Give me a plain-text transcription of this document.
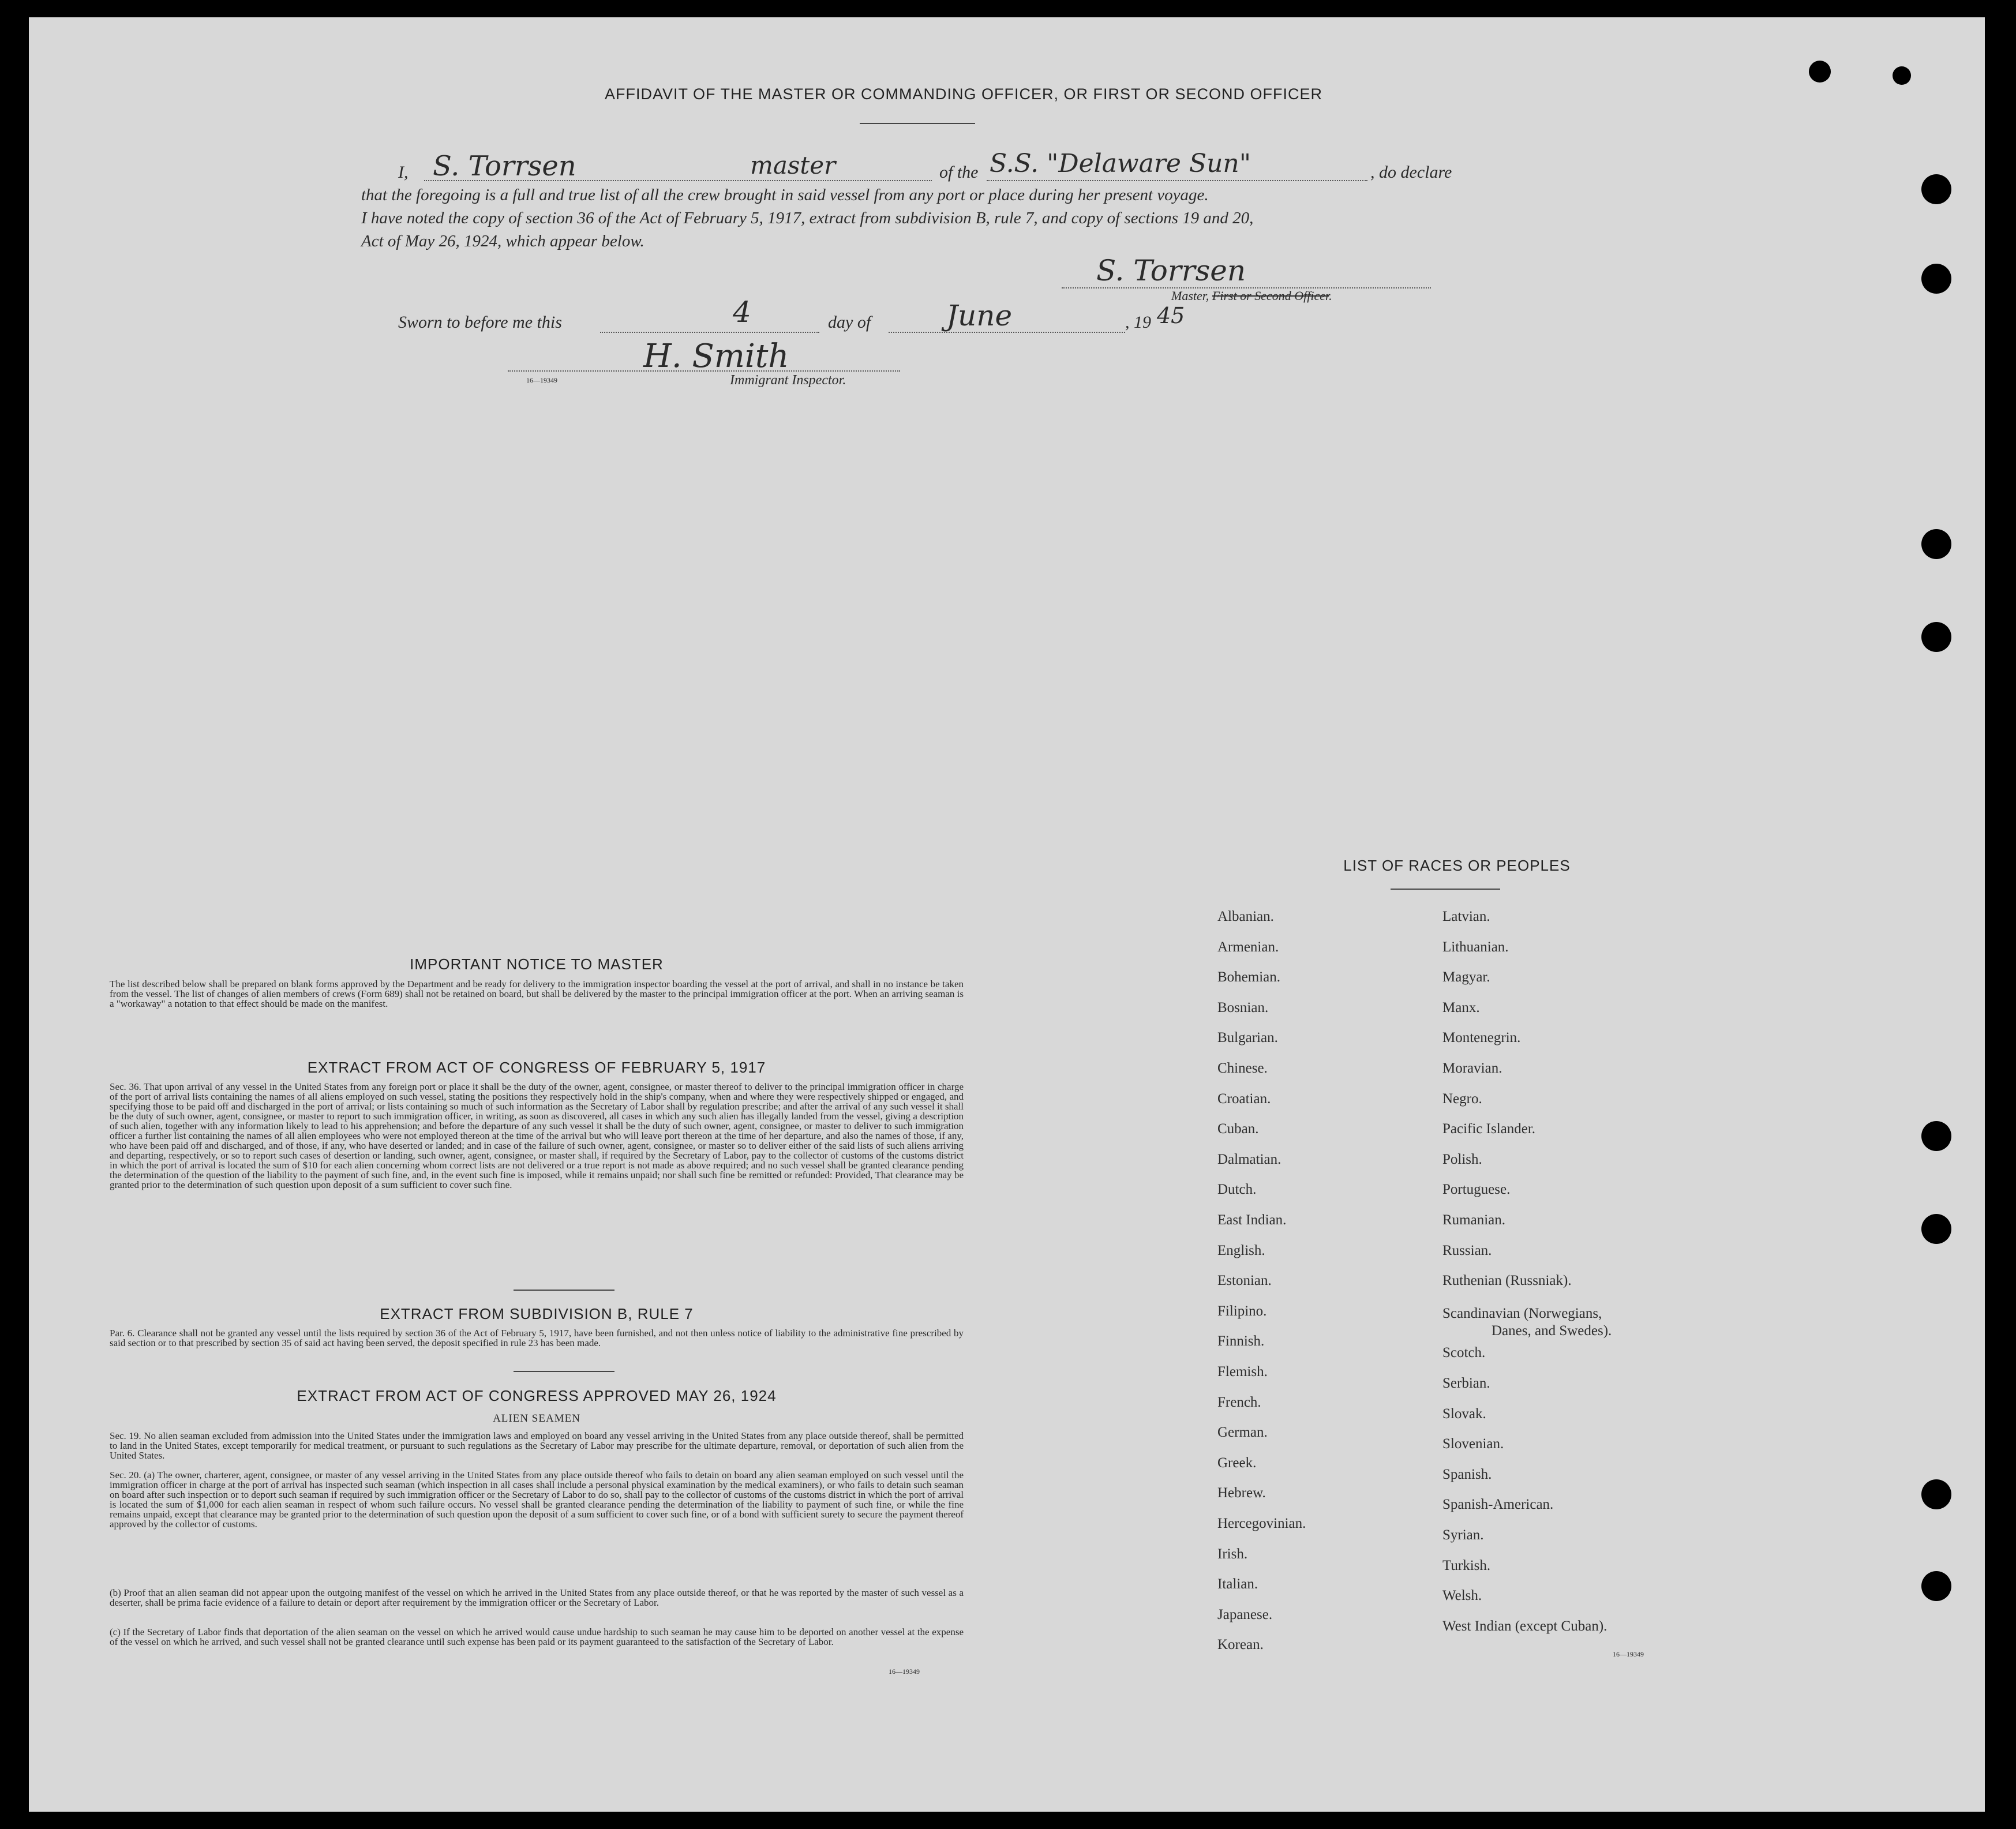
AFFIDAVIT OF THE MASTER OR COMMANDING OFFICER, OR FIRST OR SECOND OFFICER
I, S. Torrsen	master	of the S.S. "Delaware Sun"	, do declare
that the foregoing is a full and true list of all the crew brought in said vessel from any port or place during her present voyage.
I have noted the copy of section 36 of the Act of February 5, 1917, extract from subdivision B, rule 7, and copy of sections 19 and 20,
Act of May 26, 1924, which appear below.
S. Torrsen
Master, First or Second Officer.
Sworn to before me this	4	day of	June	, 19 45
H. Smith
16—19349	Immigrant Inspector.
IMPORTANT NOTICE TO MASTER
The list described below shall be prepared on blank forms approved by the Department and be ready for delivery to the immigration inspector boarding the vessel at the port of arrival, and shall in no instance be taken from the vessel. The list of changes of alien members of crews (Form 689) shall not be retained on board, but shall be delivered by the master to the principal immigration officer at the port. When an arriving seaman is a "workaway" a notation to that effect should be made on the manifest.
EXTRACT FROM ACT OF CONGRESS OF FEBRUARY 5, 1917
Sec. 36. That upon arrival of any vessel in the United States from any foreign port or place it shall be the duty of the owner, agent, consignee, or master thereof to deliver to the principal immigration officer in charge of the port of arrival lists containing the names of all aliens employed on such vessel, stating the positions they respectively hold in the ship's company, when and where they were respectively shipped or engaged, and specifying those to be paid off and discharged in the port of arrival; or lists containing so much of such information as the Secretary of Labor shall by regulation prescribe; and after the arrival of any such vessel it shall be the duty of such owner, agent, consignee, or master to report to such immigration officer, in writing, as soon as discovered, all cases in which any such alien has illegally landed from the vessel, giving a description of such alien, together with any information likely to lead to his apprehension; and before the departure of any such vessel it shall be the duty of such owner, agent, consignee, or master to deliver to such immigration officer a further list containing the names of all alien employees who were not employed thereon at the time of the arrival but who will leave port thereon at the time of her departure, and also the names of those, if any, who have been paid off and discharged, and of those, if any, who have deserted or landed; and in case of the failure of such owner, agent, consignee, or master so to deliver either of the said lists of such aliens arriving and departing, respectively, or so to report such cases of desertion or landing, such owner, agent, consignee, or master shall, if required by the Secretary of Labor, pay to the collector of customs of the customs district in which the port of arrival is located the sum of $10 for each alien concerning whom correct lists are not delivered or a true report is not made as above required; and no such vessel shall be granted clearance pending the determination of the question of the liability to the payment of such fine, and, in the event such fine is imposed, while it remains unpaid; nor shall such fine be remitted or refunded: Provided, That clearance may be granted prior to the determination of such question upon deposit of a sum sufficient to cover such fine.
EXTRACT FROM SUBDIVISION B, RULE 7
Par. 6. Clearance shall not be granted any vessel until the lists required by section 36 of the Act of February 5, 1917, have been furnished, and not then unless notice of liability to the administrative fine prescribed by said section or to that prescribed by section 35 of said act having been served, the deposit specified in rule 23 has been made.
EXTRACT FROM ACT OF CONGRESS APPROVED MAY 26, 1924
ALIEN SEAMEN
Sec. 19. No alien seaman excluded from admission into the United States under the immigration laws and employed on board any vessel arriving in the United States from any place outside thereof, shall be permitted to land in the United States, except temporarily for medical treatment, or pursuant to such regulations as the Secretary of Labor may prescribe for the ultimate departure, removal, or deportation of such alien from the United States.
Sec. 20. (a) The owner, charterer, agent, consignee, or master of any vessel arriving in the United States from any place outside thereof who fails to detain on board any alien seaman employed on such vessel until the immigration officer in charge at the port of arrival has inspected such seaman (which inspection in all cases shall include a personal physical examination by the medical examiners), or who fails to detain such seaman on board after such inspection or to deport such seaman if required by such immigration officer or the Secretary of Labor to do so, shall pay to the collector of customs of the customs district in which the port of arrival is located the sum of $1,000 for each alien seaman in respect of whom such failure occurs. No vessel shall be granted clearance pending the determination of the liability to payment of such fine, or while the fine remains unpaid, except that clearance may be granted prior to the determination of such question upon the deposit of a sum sufficient to cover such fine, or of a bond with sufficient surety to secure the payment thereof approved by the collector of customs.
(b) Proof that an alien seaman did not appear upon the outgoing manifest of the vessel on which he arrived in the United States from any place outside thereof, or that he was reported by the master of such vessel as a deserter, shall be prima facie evidence of a failure to detain or deport after requirement by the immigration officer or the Secretary of Labor.
(c) If the Secretary of Labor finds that deportation of the alien seaman on the vessel on which he arrived would cause undue hardship to such seaman he may cause him to be deported on another vessel at the expense of the vessel on which he arrived, and such vessel shall not be granted clearance until such expense has been paid or its payment guaranteed to the satisfaction of the Secretary of Labor.
16—19349
LIST OF RACES OR PEOPLES
16—19349
Albanian.
Armenian.
Bohemian.
Bosnian.
Bulgarian.
Chinese.
Croatian.
Cuban.
Dalmatian.
Dutch.
East Indian.
English.
Estonian.
Filipino.
Finnish.
Flemish.
French.
German.
Greek.
Hebrew.
Hercegovinian.
Irish.
Italian.
Japanese.
Korean.
Latvian.
Lithuanian.
Magyar.
Manx.
Montenegrin.
Moravian.
Negro.
Pacific Islander.
Polish.
Portuguese.
Rumanian.
Russian.
Ruthenian (Russniak).
Scandinavian (Norwegians,
Danes, and Swedes).
Scotch.
Serbian.
Slovak.
Slovenian.
Spanish.
Spanish-American.
Syrian.
Turkish.
Welsh.
West Indian (except Cuban).
